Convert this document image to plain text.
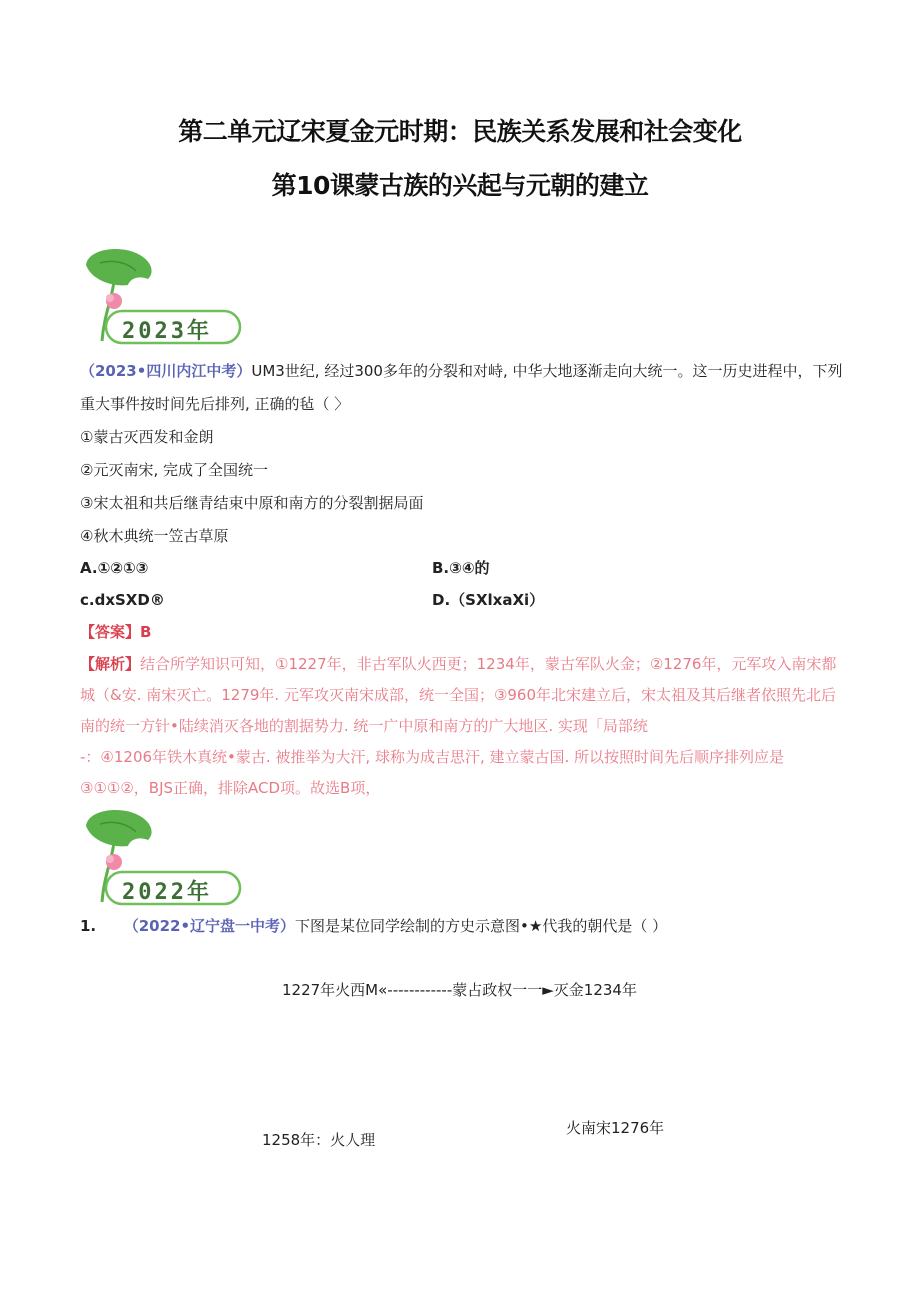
第二单元辽宋夏金元时期：民族关系发展和社会变化
第10课蒙古族的兴起与元朝的建立
2023年
（2023•四川内江中考）UM3世纪, 经过300多年的分裂和对峙, 中华大地逐渐走向大统一。这一历史进程中，下列
重大事件按时间先后排列, 正确的毡（ 〉
①蒙古灭西发和金朗
②元灭南宋, 完成了全国统一
③宋太祖和共后继青结束中原和南方的分裂割据局面
④秋木典统一笠古草原
A.①②①③	B.③④的
c.dxSXD®	D.（SXlxaXi）
【答案】B
【解析】结合所学知识可知，①1227年，非古军队火西更；1234年，蒙古军队火金；②1276年，元军攻入南宋都
城（&安. 南宋灭亡。1279年. 元军攻灭南宋成部，统一全国；③960年北宋建立后，宋太祖及其后继者依照先北后
南的统一方针•陆续消灭各地的割据势力. 统一广中原和南方的广大地区. 实现「局部统
-：④1206年铁木真统•蒙古. 被推举为大汗, 球称为成吉思汗, 建立蒙古国. 所以按照时间先后顺序排列应是
③①①②，BJS正确，排除ACD项。故选B项，
2022年
1. （2022•辽宁盘一中考）下图是某位同学绘制的方史示意图•★代我的朝代是（ ）
1227年火西M«------------蒙占政权一一►灭金1234年
1258年：火人理
火南宋1276年
